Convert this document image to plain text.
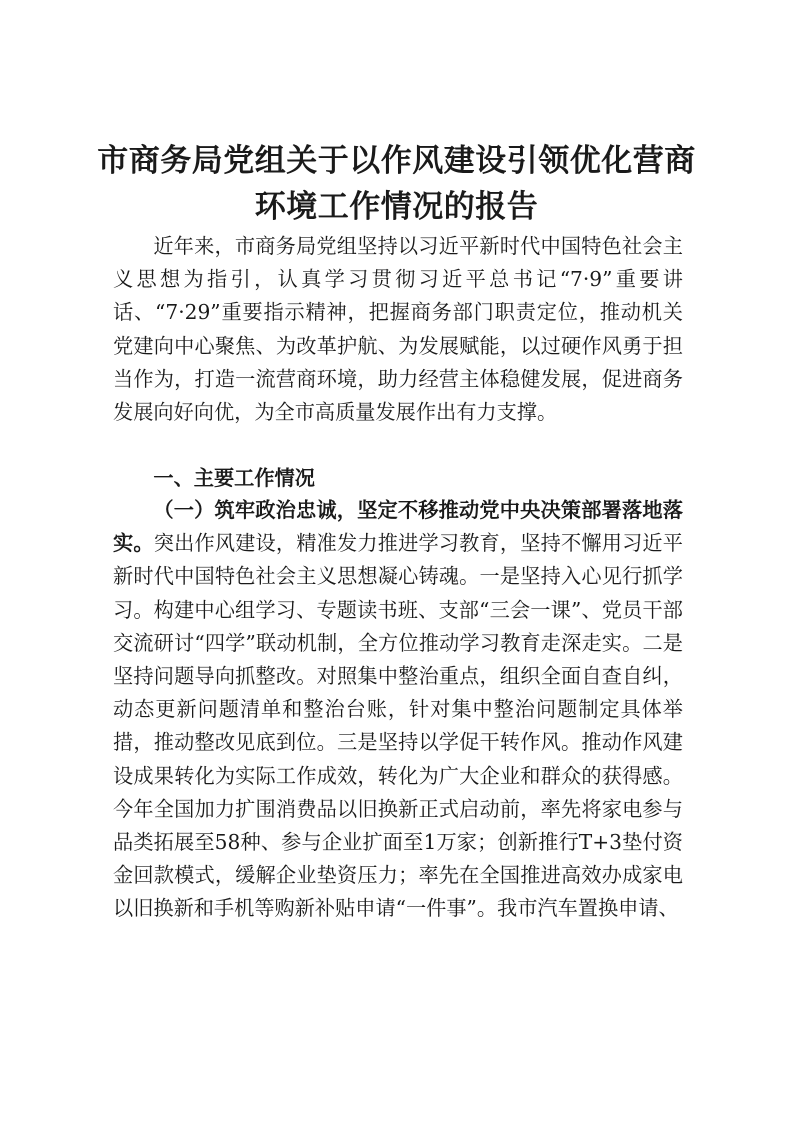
市商务局党组关于以作风建设引领优化营商环境工作情况的报告

近年来，市商务局党组坚持以习近平新时代中国特色社会主义思想为指引，认真学习贯彻习近平总书记“7·9”重要讲话、“7·29”重要指示精神，把握商务部门职责定位，推动机关党建向中心聚焦、为改革护航、为发展赋能，以过硬作风勇于担当作为，打造一流营商环境，助力经营主体稳健发展，促进商务发展向好向优，为全市高质量发展作出有力支撑。

一、主要工作情况

（一）筑牢政治忠诚，坚定不移推动党中央决策部署落地落实。突出作风建设，精准发力推进学习教育，坚持不懈用习近平新时代中国特色社会主义思想凝心铸魂。一是坚持入心见行抓学习。构建中心组学习、专题读书班、支部“三会一课”、党员干部交流研讨“四学”联动机制，全方位推动学习教育走深走实。二是坚持问题导向抓整改。对照集中整治重点，组织全面自查自纠，动态更新问题清单和整治台账，针对集中整治问题制定具体举措，推动整改见底到位。三是坚持以学促干转作风。推动作风建设成果转化为实际工作成效，转化为广大企业和群众的获得感。今年全国加力扩围消费品以旧换新正式启动前，率先将家电参与品类拓展至58种、参与企业扩面至1万家；创新推行T+3垫付资金回款模式，缓解企业垫资压力；率先在全国推进高效办成家电以旧换新和手机等购新补贴申请“一件事”。我市汽车置换申请、
